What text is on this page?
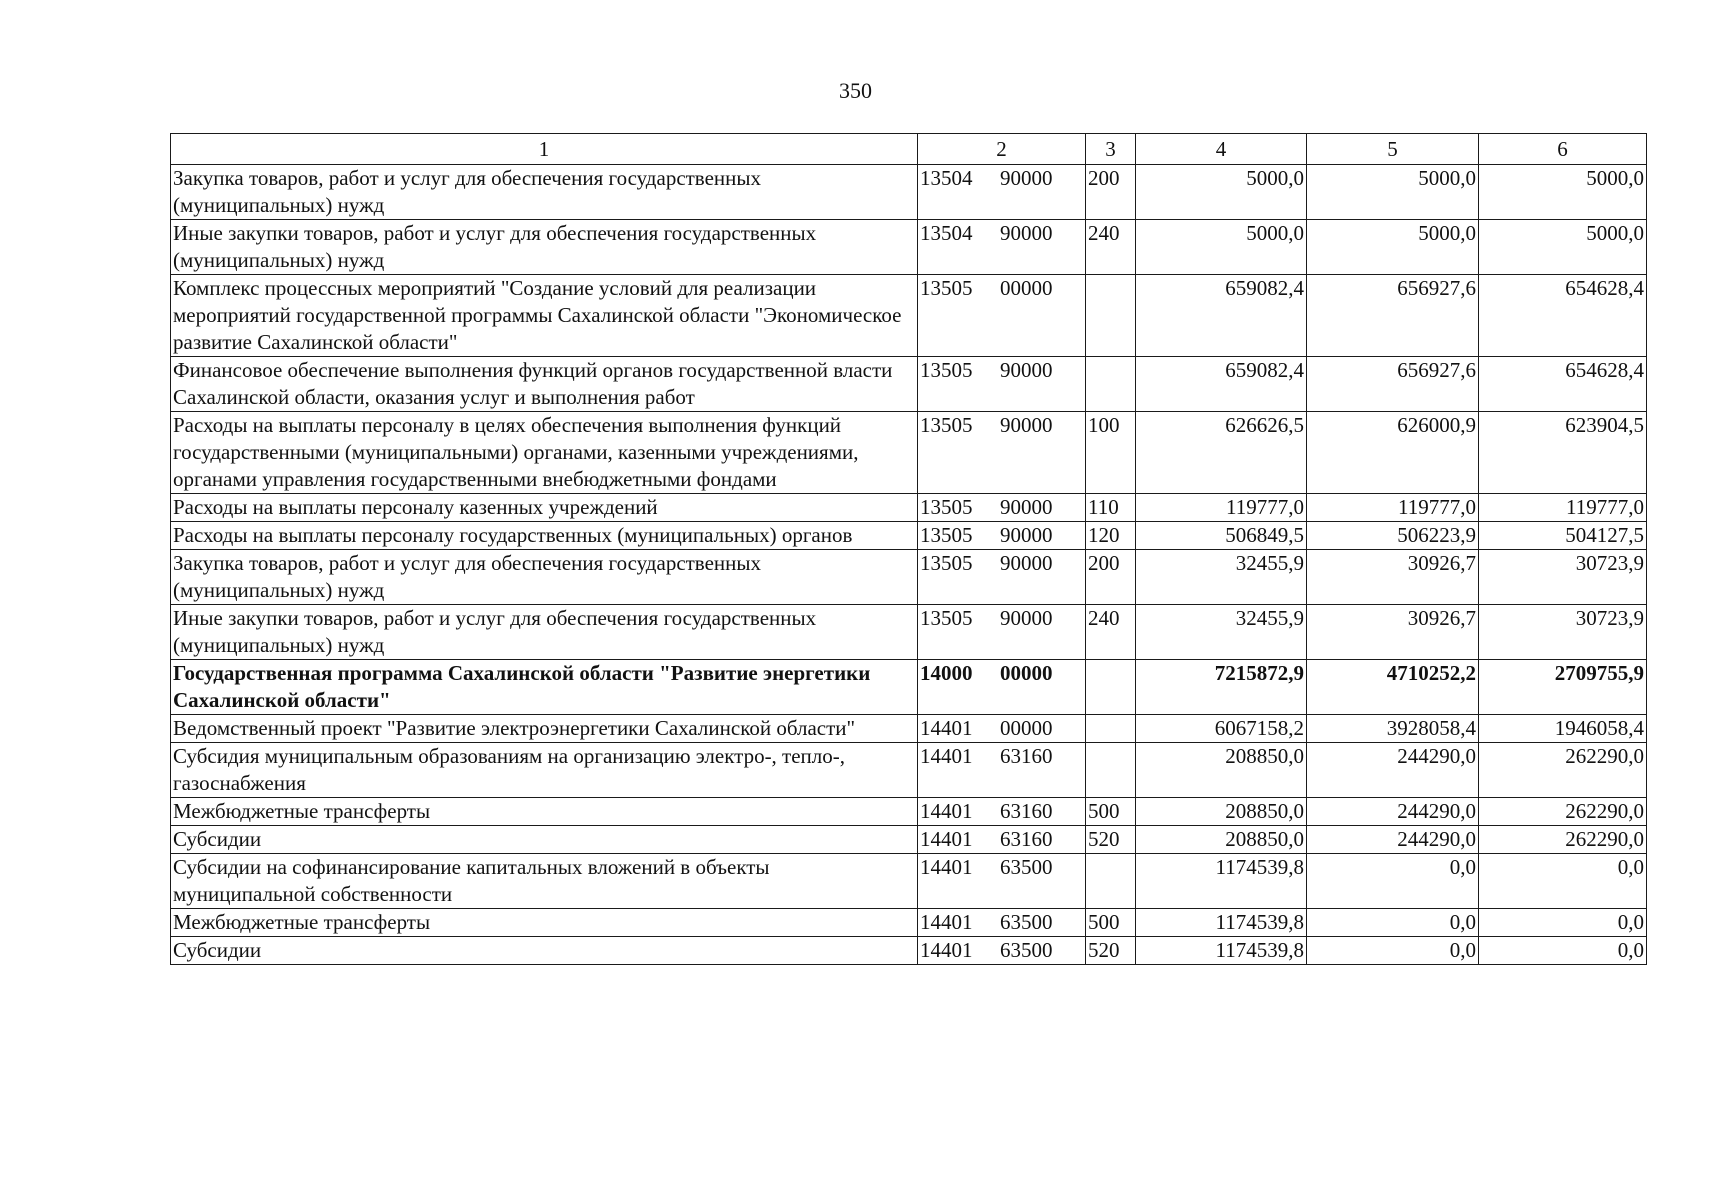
350
1	2	3	4	5	6
Закупка товаров, работ и услуг для обеспечения государственных (муниципальных) нужд	13504 90000	200	5000,0	5000,0	5000,0
Иные закупки товаров, работ и услуг для обеспечения государственных (муниципальных) нужд	13504 90000	240	5000,0	5000,0	5000,0
Комплекс процессных мероприятий "Создание условий для реализации мероприятий государственной программы Сахалинской области "Экономическое развитие Сахалинской области"	13505 00000		659082,4	656927,6	654628,4
Финансовое обеспечение выполнения функций органов государственной власти Сахалинской области, оказания услуг и выполнения работ	13505 90000		659082,4	656927,6	654628,4
Расходы на выплаты персоналу в целях обеспечения выполнения функций государственными (муниципальными) органами, казенными учреждениями, органами управления государственными внебюджетными фондами	13505 90000	100	626626,5	626000,9	623904,5
Расходы на выплаты персоналу казенных учреждений	13505 90000	110	119777,0	119777,0	119777,0
Расходы на выплаты персоналу государственных (муниципальных) органов	13505 90000	120	506849,5	506223,9	504127,5
Закупка товаров, работ и услуг для обеспечения государственных (муниципальных) нужд	13505 90000	200	32455,9	30926,7	30723,9
Иные закупки товаров, работ и услуг для обеспечения государственных (муниципальных) нужд	13505 90000	240	32455,9	30926,7	30723,9
Государственная программа Сахалинской области "Развитие энергетики Сахалинской области"	14000 00000		7215872,9	4710252,2	2709755,9
Ведомственный проект "Развитие электроэнергетики Сахалинской области"	14401 00000		6067158,2	3928058,4	1946058,4
Субсидия муниципальным образованиям на организацию электро-, тепло-, газоснабжения	14401 63160		208850,0	244290,0	262290,0
Межбюджетные трансферты	14401 63160	500	208850,0	244290,0	262290,0
Субсидии	14401 63160	520	208850,0	244290,0	262290,0
Субсидии на софинансирование капитальных вложений в объекты муниципальной собственности	14401 63500		1174539,8	0,0	0,0
Межбюджетные трансферты	14401 63500	500	1174539,8	0,0	0,0
Субсидии	14401 63500	520	1174539,8	0,0	0,0
